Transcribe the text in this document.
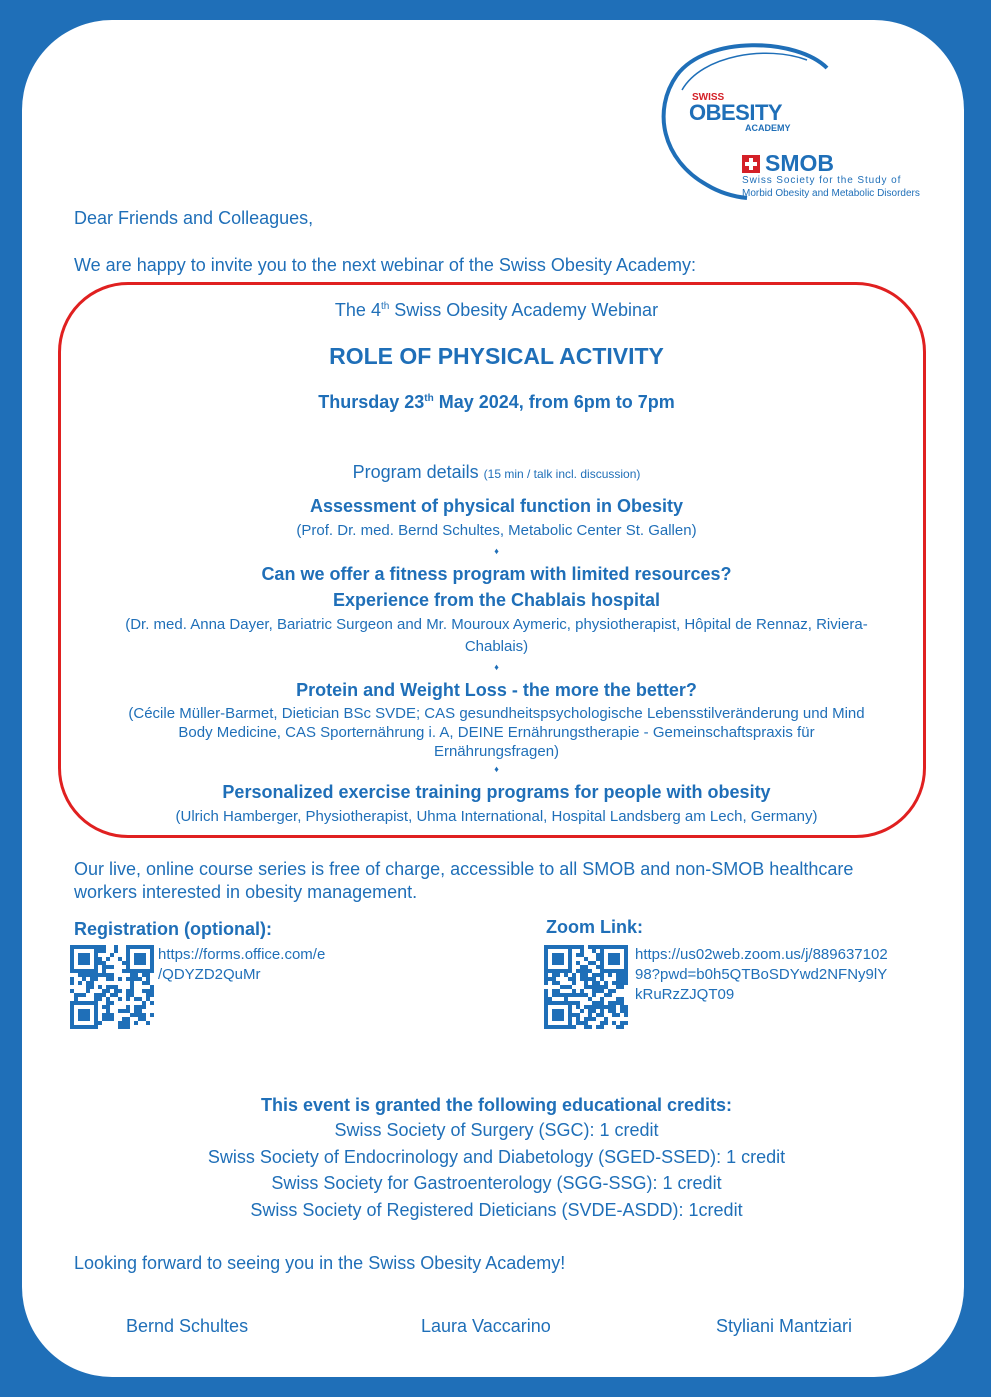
SWISS
OBESITY
ACADEMY
SMOB
Swiss Society for the Study of
Morbid Obesity and Metabolic Disorders
Dear Friends and Colleagues,
We are happy to invite you to the next webinar of the Swiss Obesity Academy:
The 4th Swiss Obesity Academy Webinar
ROLE OF PHYSICAL ACTIVITY
Thursday 23th May 2024, from 6pm to 7pm
Program details (15 min / talk incl. discussion)
Assessment of physical function in Obesity
(Prof. Dr. med. Bernd Schultes, Metabolic Center St. Gallen)
♦
Can we offer a fitness program with limited resources?
Experience from the Chablais hospital
(Dr. med. Anna Dayer, Bariatric Surgeon and Mr. Mouroux Aymeric, physiotherapist, Hôpital de Rennaz, Riviera-
Chablais)
♦
Protein and Weight Loss - the more the better?
(Cécile Müller-Barmet, Dietician BSc SVDE; CAS gesundheitspsychologische Lebensstilveränderung und Mind
Body Medicine, CAS Sporternährung i. A, DEINE Ernährungstherapie - Gemeinschaftspraxis für
Ernährungsfragen)
♦
Personalized exercise training programs for people with obesity
(Ulrich Hamberger, Physiotherapist, Uhma International, Hospital Landsberg am Lech, Germany)
Our live, online course series is free of charge, accessible to all SMOB and non-SMOB healthcare
workers interested in obesity management.
Registration (optional):
https://forms.office.com/e
/QDYZD2QuMr
Zoom Link:
https://us02web.zoom.us/j/889637102
98?pwd=b0h5QTBoSDYwd2NFNy9lY
kRuRzZJQT09
This event is granted the following educational credits:
Swiss Society of Surgery (SGC): 1 credit
Swiss Society of Endocrinology and Diabetology (SGED-SSED): 1 credit
Swiss Society for Gastroenterology (SGG-SSG): 1 credit
Swiss Society of Registered Dieticians (SVDE-ASDD): 1credit
Looking forward to seeing you in the Swiss Obesity Academy!
Bernd Schultes	Laura Vaccarino	Styliani Mantziari
